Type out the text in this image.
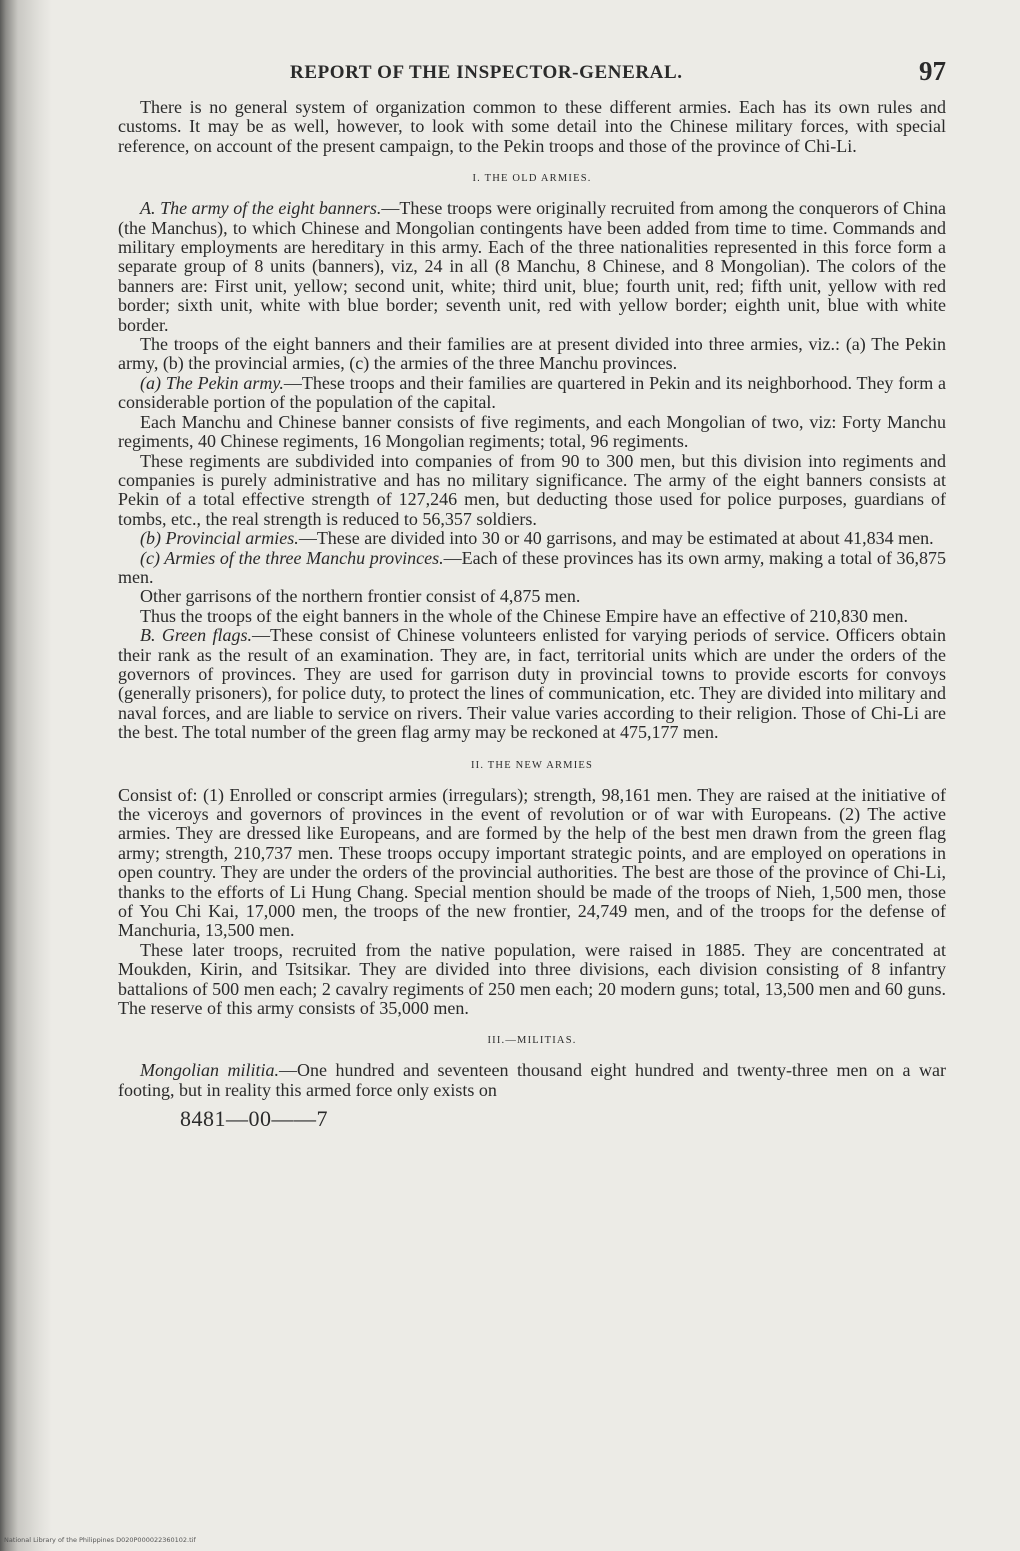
REPORT OF THE INSPECTOR-GENERAL.	97

There is no general system of organization common to these different armies. Each has its own rules and customs. It may be as well, however, to look with some detail into the Chinese military forces, with special reference, on account of the present campaign, to the Pekin troops and those of the province of Chi-Li.

I. THE OLD ARMIES.

A. The army of the eight banners.—These troops were originally recruited from among the conquerors of China (the Manchus), to which Chinese and Mongolian contingents have been added from time to time. Commands and military employments are hereditary in this army. Each of the three nationalities represented in this force form a separate group of 8 units (banners), viz, 24 in all (8 Manchu, 8 Chinese, and 8 Mongolian). The colors of the banners are: First unit, yellow; second unit, white; third unit, blue; fourth unit, red; fifth unit, yellow with red border; sixth unit, white with blue border; seventh unit, red with yellow border; eighth unit, blue with white border.

The troops of the eight banners and their families are at present divided into three armies, viz.: (a) The Pekin army, (b) the provincial armies, (c) the armies of the three Manchu provinces.

(a) The Pekin army.—These troops and their families are quartered in Pekin and its neighborhood. They form a considerable portion of the population of the capital.

Each Manchu and Chinese banner consists of five regiments, and each Mongolian of two, viz: Forty Manchu regiments, 40 Chinese regiments, 16 Mongolian regiments; total, 96 regiments.

These regiments are subdivided into companies of from 90 to 300 men, but this division into regiments and companies is purely administrative and has no military significance. The army of the eight banners consists at Pekin of a total effective strength of 127,246 men, but deducting those used for police purposes, guardians of tombs, etc., the real strength is reduced to 56,357 soldiers.

(b) Provincial armies.—These are divided into 30 or 40 garrisons, and may be estimated at about 41,834 men.

(c) Armies of the three Manchu provinces.—Each of these provinces has its own army, making a total of 36,875 men.

Other garrisons of the northern frontier consist of 4,875 men.

Thus the troops of the eight banners in the whole of the Chinese Empire have an effective of 210,830 men.

B. Green flags.—These consist of Chinese volunteers enlisted for varying periods of service. Officers obtain their rank as the result of an examination. They are, in fact, territorial units which are under the orders of the governors of provinces. They are used for garrison duty in provincial towns to provide escorts for convoys (generally prisoners), for police duty, to protect the lines of communication, etc. They are divided into military and naval forces, and are liable to service on rivers. Their value varies according to their religion. Those of Chi-Li are the best. The total number of the green flag army may be reckoned at 475,177 men.

II. THE NEW ARMIES

Consist of: (1) Enrolled or conscript armies (irregulars); strength, 98,161 men. They are raised at the initiative of the viceroys and governors of provinces in the event of revolution or of war with Europeans. (2) The active armies. They are dressed like Europeans, and are formed by the help of the best men drawn from the green flag army; strength, 210,737 men. These troops occupy important strategic points, and are employed on operations in open country. They are under the orders of the provincial authorities. The best are those of the province of Chi-Li, thanks to the efforts of Li Hung Chang. Special mention should be made of the troops of Nieh, 1,500 men, those of You Chi Kai, 17,000 men, the troops of the new frontier, 24,749 men, and of the troops for the defense of Manchuria, 13,500 men.

These later troops, recruited from the native population, were raised in 1885. They are concentrated at Moukden, Kirin, and Tsitsikar. They are divided into three divisions, each division consisting of 8 infantry battalions of 500 men each; 2 cavalry regiments of 250 men each; 20 modern guns; total, 13,500 men and 60 guns. The reserve of this army consists of 35,000 men.

III.—MILITIAS.

Mongolian militia.—One hundred and seventeen thousand eight hundred and twenty-three men on a war footing, but in reality this armed force only exists on

8481—00——7
National Library of the Philippines D020P000022360102.tif
